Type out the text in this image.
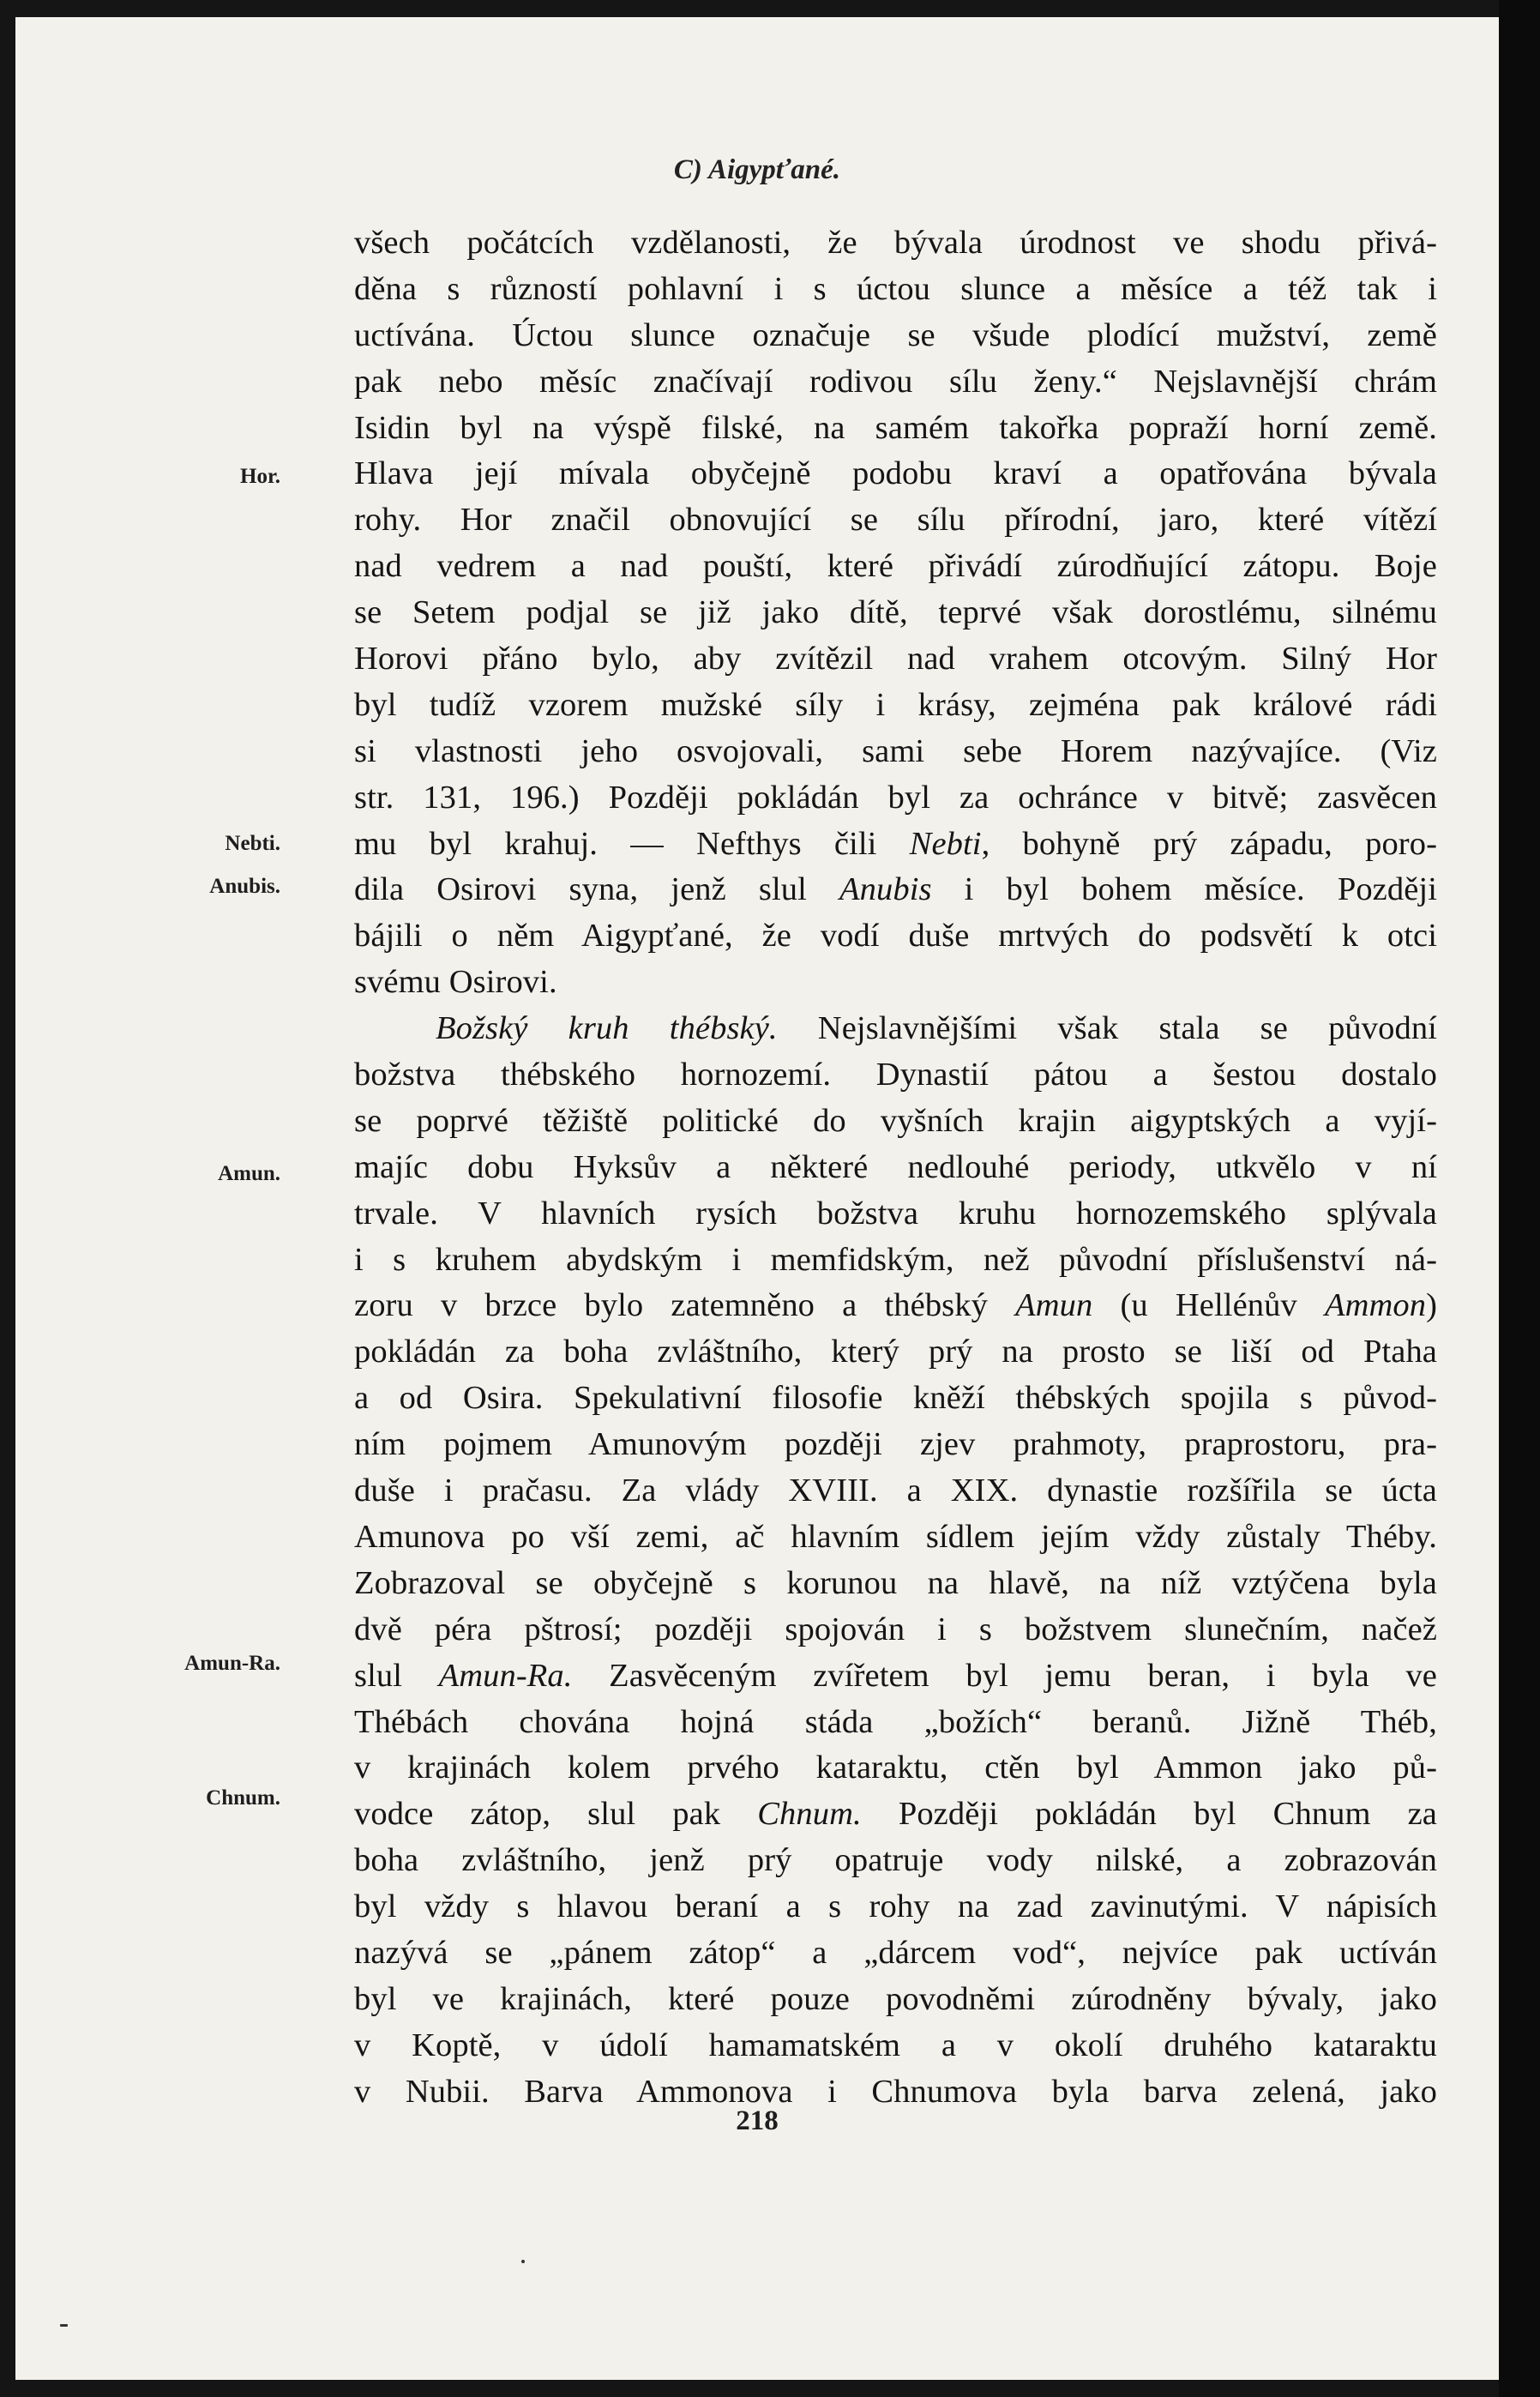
C) Aigypťané.
Hor.
Nebti.
Anubis.
Amun.
Amun-Ra.
Chnum.
všech počátcích vzdělanosti, že bývala úrodnost ve shodu přivá-
děna s růzností pohlavní i s úctou slunce a měsíce a též tak i
uctívána. Úctou slunce označuje se všude plodící mužství, země
pak nebo měsíc značívají rodivou sílu ženy.“ Nejslavnější chrám
Isidin byl na výspě filské, na samém takořka popraží horní země.
Hlava její mívala obyčejně podobu kraví a opatřována bývala
rohy. Hor značil obnovující se sílu přírodní, jaro, které vítězí
nad vedrem a nad pouští, které přivádí zúrodňující zátopu. Boje
se Setem podjal se již jako dítě, teprvé však dorostlému, silnému
Horovi přáno bylo, aby zvítězil nad vrahem otcovým. Silný Hor
byl tudíž vzorem mužské síly i krásy, zejména pak králové rádi
si vlastnosti jeho osvojovali, sami sebe Horem nazývajíce. (Viz
str. 131, 196.) Později pokládán byl za ochránce v bitvě; zasvěcen
mu byl krahuj. — Nefthys čili Nebti, bohyně prý západu, poro-
dila Osirovi syna, jenž slul Anubis i byl bohem měsíce. Později
bájili o něm Aigypťané, že vodí duše mrtvých do podsvětí k otci
svému Osirovi.
Božský kruh thébský. Nejslavnějšími však stala se původní
božstva thébského hornozemí. Dynastií pátou a šestou dostalo
se poprvé těžiště politické do vyšních krajin aigyptských a vyjí-
majíc dobu Hyksův a některé nedlouhé periody, utkvělo v ní
trvale. V hlavních rysích božstva kruhu hornozemského splývala
i s kruhem abydským i memfidským, než původní příslušenství ná-
zoru v brzce bylo zatemněno a thébský Amun (u Hellénův Ammon)
pokládán za boha zvláštního, který prý na prosto se liší od Ptaha
a od Osira. Spekulativní filosofie kněží thébských spojila s původ-
ním pojmem Amunovým později zjev prahmoty, praprostoru, pra-
duše i pračasu. Za vlády XVIII. a XIX. dynastie rozšířila se úcta
Amunova po vší zemi, ač hlavním sídlem jejím vždy zůstaly Théby.
Zobrazoval se obyčejně s korunou na hlavě, na níž vztýčena byla
dvě péra pštrosí; později spojován i s božstvem slunečním, načež
slul Amun-Ra. Zasvěceným zvířetem byl jemu beran, i byla ve
Thébách chována hojná stáda „božích“ beranů. Jižně Théb,
v krajinách kolem prvého kataraktu, ctěn byl Ammon jako pů-
vodce zátop, slul pak Chnum. Později pokládán byl Chnum za
boha zvláštního, jenž prý opatruje vody nilské, a zobrazován
byl vždy s hlavou beraní a s rohy na zad zavinutými. V nápisích
nazývá se „pánem zátop“ a „dárcem vod“, nejvíce pak uctíván
byl ve krajinách, které pouze povodněmi zúrodněny bývaly, jako
v Koptě, v údolí hamamatském a v okolí druhého kataraktu
v Nubii. Barva Ammonova i Chnumova byla barva zelená, jako
218
